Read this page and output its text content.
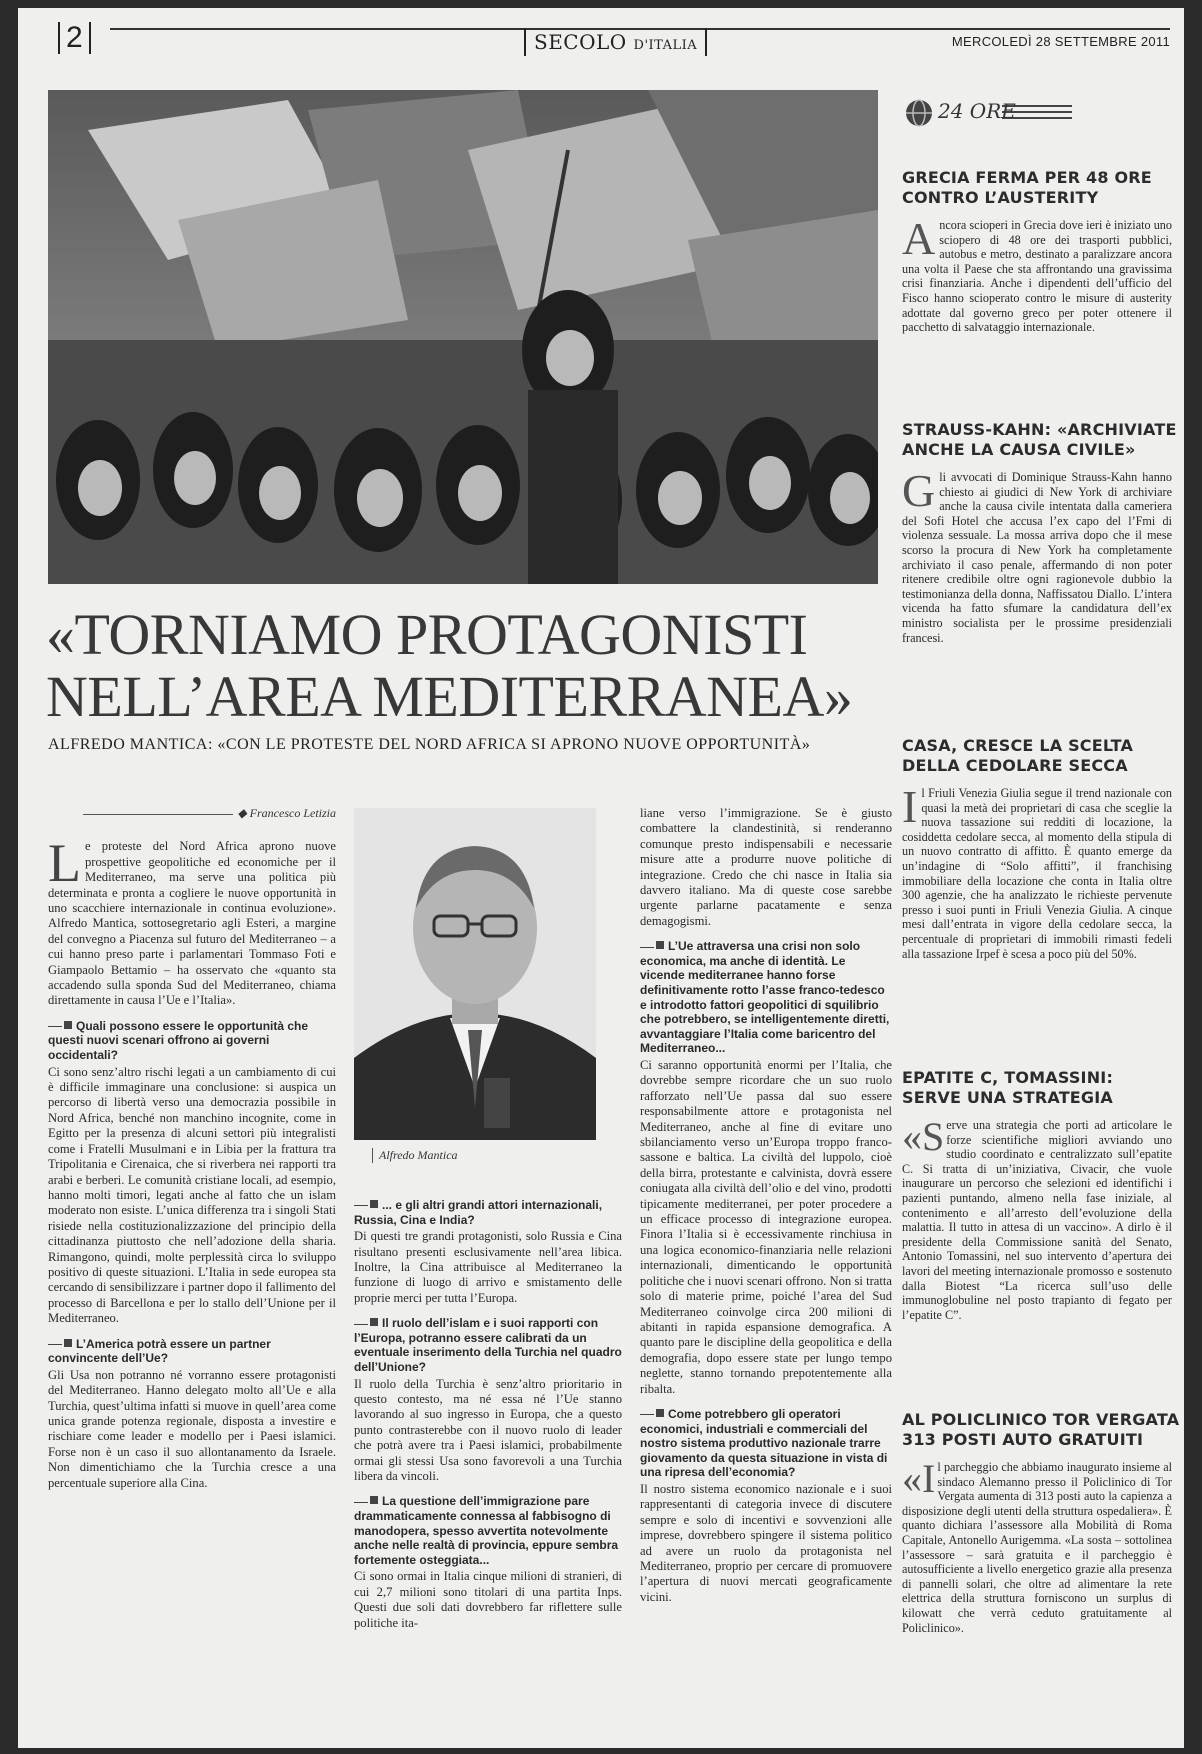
2	SECOLO D'ITALIA	MERCOLEDÌ 28 SETTEMBRE 2011
«TORNIAMO PROTAGONISTI
NELL’AREA MEDITERRANEA»
ALFREDO MANTICA: «CON LE PROTESTE DEL NORD AFRICA SI APRONO NUOVE OPPORTUNITÀ»
◆ Francesco Letizia

Le proteste del Nord Africa aprono nuove prospettive geopolitiche ed economiche per il Mediterraneo, ma serve una politica più determinata e pronta a cogliere le nuove opportunità in uno scacchiere internazionale in continua evoluzione». Alfredo Mantica, sottosegretario agli Esteri, a margine del convegno a Piacenza sul futuro del Mediterraneo – a cui hanno preso parte i parlamentari Tommaso Foti e Giampaolo Bettamio – ha osservato che «quanto sta accadendo sulla sponda Sud del Mediterraneo, chiama direttamente in causa l’Ue e l’Italia».

Quali possono essere le opportunità che questi nuovi scenari offrono ai governi occidentali?

Ci sono senz’altro rischi legati a un cambiamento di cui è difficile immaginare una conclusione: si auspica un percorso di libertà verso una democrazia possibile in Nord Africa, benché non manchino incognite, come in Egitto per la presenza di alcuni settori più integralisti come i Fratelli Musulmani e in Libia per la frattura tra Tripolitania e Cirenaica, che si riverbera nei rapporti tra arabi e berberi. Le comunità cristiane locali, ad esempio, hanno molti timori, legati anche al fatto che un islam moderato non esiste. L’unica differenza tra i singoli Stati risiede nella costituzionalizzazione del principio della cittadinanza piuttosto che nell’adozione della sharia. Rimangono, quindi, molte perplessità circa lo sviluppo positivo di queste situazioni. L’Italia in sede europea sta cercando di sensibilizzare i partner dopo il fallimento del processo di Barcellona e per lo stallo dell’Unione per il Mediterraneo.

L’America potrà essere un partner convincente dell’Ue?

Gli Usa non potranno né vorranno essere protagonisti del Mediterraneo. Hanno delegato molto all’Ue e alla Turchia, quest’ultima infatti si muove in quell’area come unica grande potenza regionale, disposta a investire e rischiare come leader e modello per i Paesi islamici. Forse non è un caso il suo allontanamento da Israele. Non dimentichiamo che la Turchia cresce a una percentuale superiore alla Cina.

Alfredo Mantica
... e gli altri grandi attori internazionali, Russia, Cina e India?

Di questi tre grandi protagonisti, solo Russia e Cina risultano presenti esclusivamente nell’area libica. Inoltre, la Cina attribuisce al Mediterraneo la funzione di luogo di arrivo e smistamento delle proprie merci per tutta l’Europa.

Il ruolo dell’islam e i suoi rapporti con l’Europa, potranno essere calibrati da un eventuale inserimento della Turchia nel quadro dell’Unione?

Il ruolo della Turchia è senz’altro prioritario in questo contesto, ma né essa né l’Ue stanno lavorando al suo ingresso in Europa, che a questo punto contrasterebbe con il nuovo ruolo di leader che potrà avere tra i Paesi islamici, probabilmente ormai gli stessi Usa sono favorevoli a una Turchia libera da vincoli.

La questione dell’immigrazione pare drammaticamente connessa al fabbisogno di manodopera, spesso avvertita notevolmente anche nelle realtà di provincia, eppure sembra fortemente osteggiata...

Ci sono ormai in Italia cinque milioni di stranieri, di cui 2,7 milioni sono titolari di una partita Inps. Questi due soli dati dovrebbero far riflettere sulle politiche ita-

liane verso l’immigrazione. Se è giusto combattere la clandestinità, si renderanno comunque presto indispensabili e necessarie misure atte a produrre nuove politiche di integrazione. Credo che chi nasce in Italia sia davvero italiano. Ma di queste cose sarebbe urgente parlarne pacatamente e senza demagogismi.

L’Ue attraversa una crisi non solo economica, ma anche di identità. Le vicende mediterranee hanno forse definitivamente rotto l’asse franco-tedesco e introdotto fattori geopolitici di squilibrio che potrebbero, se intelligentemente diretti, avvantaggiare l’Italia come baricentro del Mediterraneo...

Ci saranno opportunità enormi per l’Italia, che dovrebbe sempre ricordare che un suo ruolo rafforzato nell’Ue passa dal suo essere responsabilmente attore e protagonista nel Mediterraneo, anche al fine di evitare uno sbilanciamento verso un’Europa troppo franco-sassone e baltica. La civiltà del luppolo, cioè della birra, protestante e calvinista, dovrà essere coniugata alla civiltà dell’olio e del vino, prodotti tipicamente mediterranei, per poter procedere a un efficace processo di integrazione europea. Finora l’Italia si è eccessivamente rinchiusa in una logica economico-finanziaria nelle relazioni internazionali, dimenticando le opportunità politiche che i nuovi scenari offrono. Non si tratta solo di materie prime, poiché l’area del Sud Mediterraneo coinvolge circa 200 milioni di abitanti in rapida espansione demografica. A quanto pare le discipline della geopolitica e della demografia, dopo essere state per lungo tempo neglette, stanno tornando prepotentemente alla ribalta.

Come potrebbero gli operatori economici, industriali e commerciali del nostro sistema produttivo nazionale trarre giovamento da questa situazione in vista di una ripresa dell’economia?

Il nostro sistema economico nazionale e i suoi rappresentanti di categoria invece di discutere sempre e solo di incentivi e sovvenzioni alle imprese, dovrebbero spingere il sistema politico ad avere un ruolo da protagonista nel Mediterraneo, proprio per cercare di promuovere l’apertura di nuovi mercati geograficamente vicini.

24 ORE
GRECIA FERMA PER 48 ORE
CONTRO L’AUSTERITY
Ancora scioperi in Grecia dove ieri è iniziato uno sciopero di 48 ore dei trasporti pubblici, autobus e metro, destinato a paralizzare ancora una volta il Paese che sta affrontando una gravissima crisi finanziaria. Anche i dipendenti dell’ufficio del Fisco hanno scioperato contro le misure di austerity adottate dal governo greco per poter ottenere il pacchetto di salvataggio internazionale.
STRAUSS-KAHN: «ARCHIVIATE
ANCHE LA CAUSA CIVILE»
Gli avvocati di Dominique Strauss-Kahn hanno chiesto ai giudici di New York di archiviare anche la causa civile intentata dalla cameriera del Sofi Hotel che accusa l’ex capo del l’Fmi di violenza sessuale. La mossa arriva dopo che il mese scorso la procura di New York ha completamente archiviato il caso penale, affermando di non poter ritenere credibile oltre ogni ragionevole dubbio la testimonianza della donna, Naffissatou Diallo. L’intera vicenda ha fatto sfumare la candidatura dell’ex ministro socialista per le prossime presidenziali francesi.
CASA, CRESCE LA SCELTA
DELLA CEDOLARE SECCA
Il Friuli Venezia Giulia segue il trend nazionale con quasi la metà dei proprietari di casa che sceglie la nuova tassazione sui redditi di locazione, la cosiddetta cedolare secca, al momento della stipula di un nuovo contratto di affitto. È quanto emerge da un’indagine di “Solo affitti”, il franchising immobiliare della locazione che conta in Italia oltre 300 agenzie, che ha analizzato le richieste pervenute presso i suoi punti in Friuli Venezia Giulia. A cinque mesi dall’entrata in vigore della cedolare secca, la percentuale di proprietari di immobili rimasti fedeli alla tassazione Irpef è scesa a poco più del 50%.
EPATITE C, TOMASSINI:
SERVE UNA STRATEGIA
«Serve una strategia che porti ad articolare le forze scientifiche migliori avviando uno studio coordinato e centralizzato sull’epatite C. Si tratta di un’iniziativa, Civacir, che vuole inaugurare un percorso che selezioni ed identifichi i pazienti puntando, almeno nella fase iniziale, al contenimento e all’arresto dell’evoluzione della malattia. Il tutto in attesa di un vaccino». A dirlo è il presidente della Commissione sanità del Senato, Antonio Tomassini, nel suo intervento d’apertura dei lavori del meeting internazionale promosso e sostenuto dalla Biotest “La ricerca sull’uso delle immunoglobuline nel posto trapianto di fegato per l’epatite C”.
AL POLICLINICO TOR VERGATA
313 POSTI AUTO GRATUITI
«Il parcheggio che abbiamo inaugurato insieme al sindaco Alemanno presso il Policlinico di Tor Vergata aumenta di 313 posti auto la capienza a disposizione degli utenti della struttura ospedaliera». È quanto dichiara l’assessore alla Mobilità di Roma Capitale, Antonello Aurigemma. «La sosta – sottolinea l’assessore – sarà gratuita e il parcheggio è autosufficiente a livello energetico grazie alla presenza di pannelli solari, che oltre ad alimentare la rete elettrica della struttura forniscono un surplus di kilowatt che verrà ceduto gratuitamente al Policlinico».
